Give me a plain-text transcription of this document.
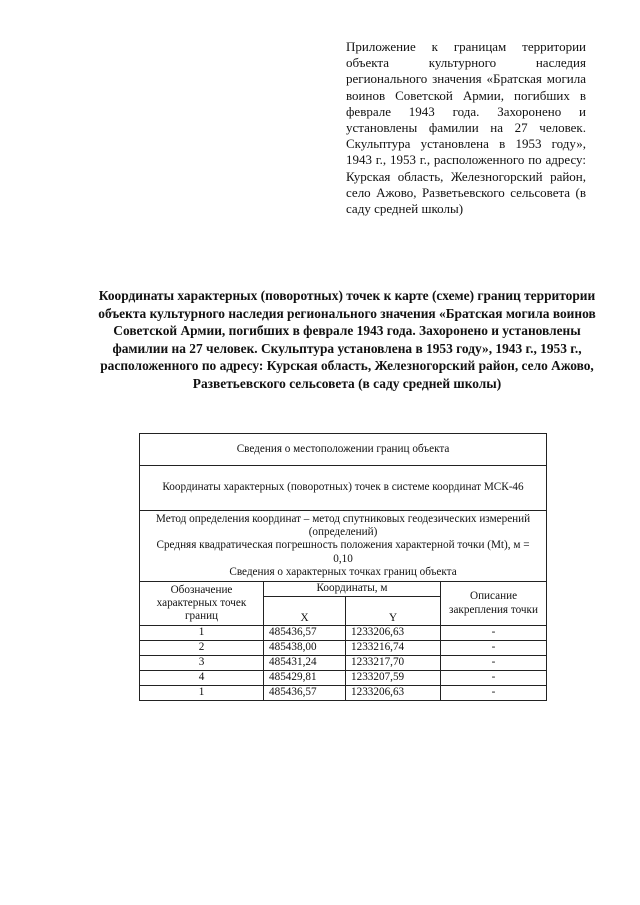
Приложение к границам территории объекта культурного наследия регионального значения «Братская могила воинов Советской Армии, погибших в феврале 1943 года. Захоронено и установлены фамилии на 27 человек. Скульптура установлена в 1953 году», 1943 г., 1953 г., расположенного по адресу: Курская область, Железногорский район, село Ажово, Разветьевского сельсовета (в саду средней школы)
Координаты характерных (поворотных) точек к карте (схеме) границ территории объекта культурного наследия регионального значения «Братская могила воинов Советской Армии, погибших в феврале 1943 года. Захоронено и установлены фамилии на 27 человек. Скульптура установлена в 1953 году», 1943 г., 1953 г., расположенного по адресу: Курская область, Железногорский район, село Ажово, Разветьевского сельсовета (в саду средней школы)
Сведения о местоположении границ объекта			
Координаты характерных (поворотных) точек в системе координат МСК-46			

Метод определения координат – метод спутниковых геодезических измерений (определений)
Средняя квадратическая погрешность положения характерной точки (Mt), м = 0,10
Сведения о характерных точках границ объекта			

Обозначение характерных точек границ	Координаты, м		Описание закрепления точки
	X	Y	
1	485436,57	1233206,63	-
2	485438,00	1233216,74	-
3	485431,24	1233217,70	-
4	485429,81	1233207,59	-
1	485436,57	1233206,63	-
